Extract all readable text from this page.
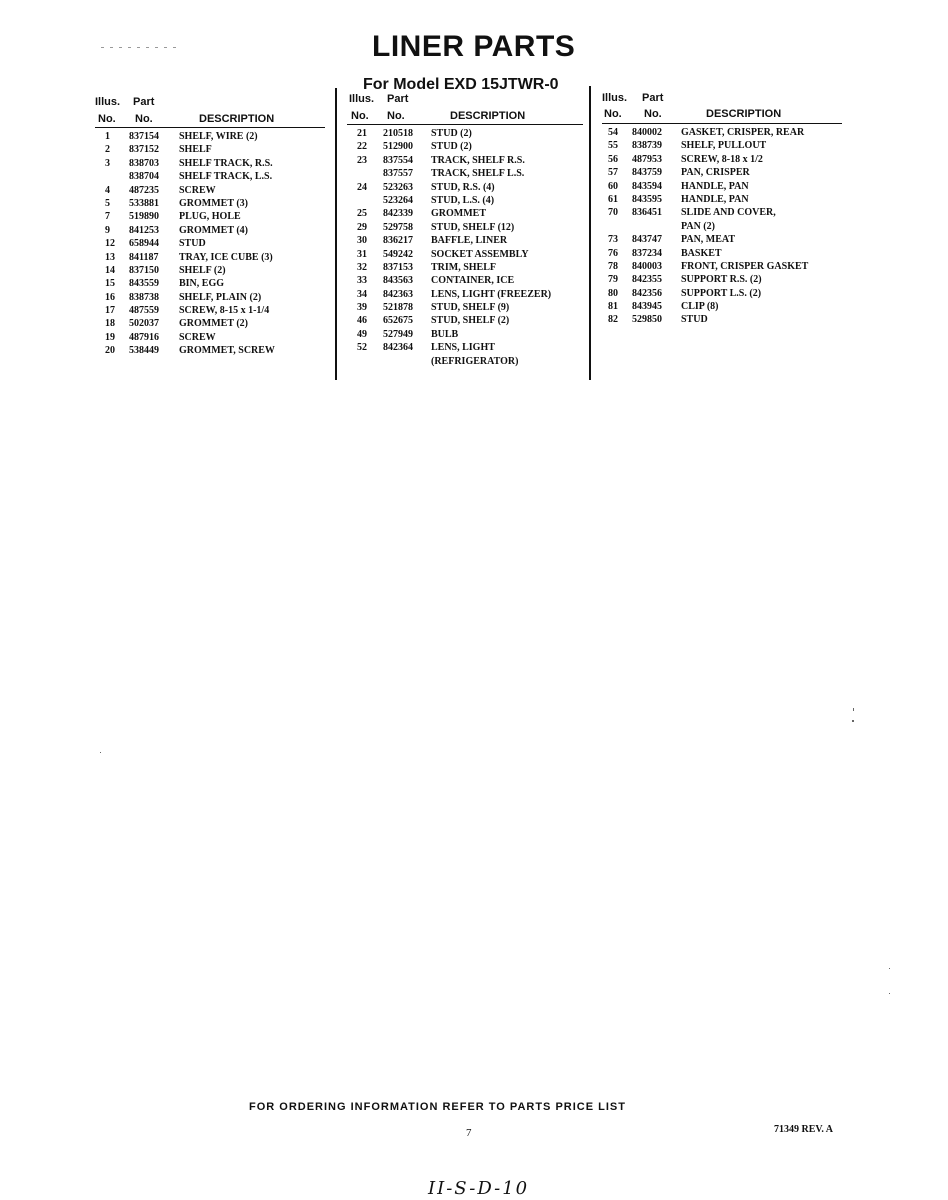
LINER PARTS
For Model EXD 15JTWR-0
Illus. Part
No. No.	DESCRIPTION
1 837154 SHELF, WIRE (2)
2 837152 SHELF
3 838703 SHELF TRACK, R.S.
838704 SHELF TRACK, L.S.
4 487235 SCREW
5 533881 GROMMET (3)
7 519890 PLUG, HOLE
9 841253 GROMMET (4)
12 658944 STUD
13 841187 TRAY, ICE CUBE (3)
14 837150 SHELF (2)
15 843559 BIN, EGG
16 838738 SHELF, PLAIN (2)
17 487559 SCREW, 8-15 x 1-1/4
18 502037 GROMMET (2)
19 487916 SCREW
20 538449 GROMMET, SCREW
Illus. Part
No. No.	DESCRIPTION
21 210518 STUD (2)
22 512900 STUD (2)
23 837554 TRACK, SHELF R.S.
837557 TRACK, SHELF L.S.
24 523263 STUD, R.S. (4)
523264 STUD, L.S. (4)
25 842339 GROMMET
29 529758 STUD, SHELF (12)
30 836217 BAFFLE, LINER
31 549242 SOCKET ASSEMBLY
32 837153 TRIM, SHELF
33 843563 CONTAINER, ICE
34 842363 LENS, LIGHT (FREEZER)
39 521878 STUD, SHELF (9)
46 652675 STUD, SHELF (2)
49 527949 BULB
52 842364 LENS, LIGHT
(REFRIGERATOR)
Illus. Part
No. No.	DESCRIPTION
54 840002 GASKET, CRISPER, REAR
55 838739 SHELF, PULLOUT
56 487953 SCREW, 8-18 x 1/2
57 843759 PAN, CRISPER
60 843594 HANDLE, PAN
61 843595 HANDLE, PAN
70 836451 SLIDE AND COVER,
PAN (2)
73 843747 PAN, MEAT
76 837234 BASKET
78 840003 FRONT, CRISPER GASKET
79 842355 SUPPORT R.S. (2)
80 842356 SUPPORT L.S. (2)
81 843945 CLIP (8)
82 529850 STUD
FOR ORDERING INFORMATION REFER TO PARTS PRICE LIST
7	71349 REV. A
II-S-D-10
